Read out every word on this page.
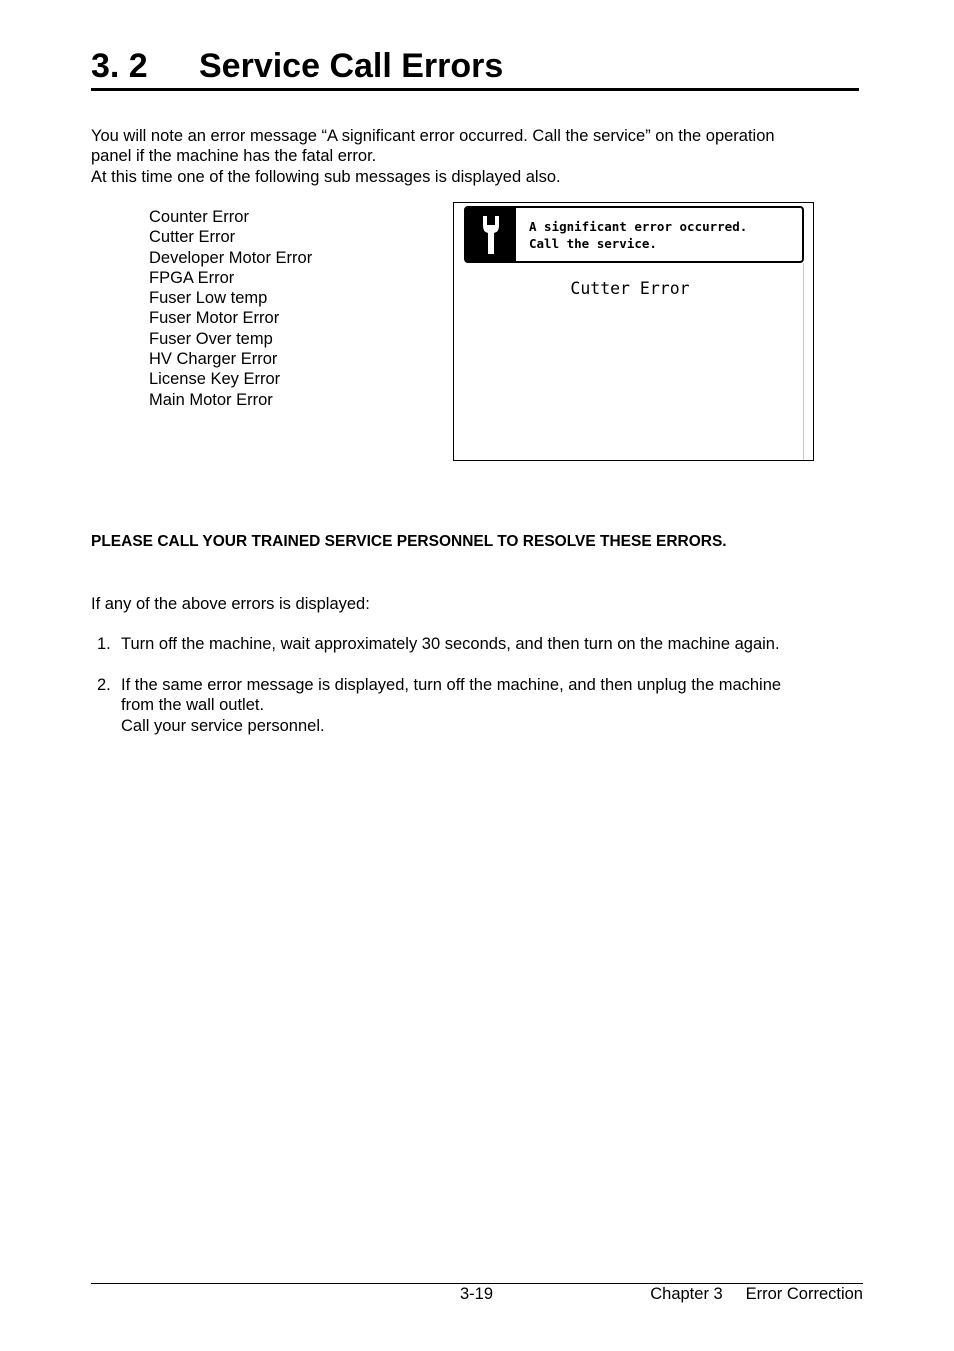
3. 2 Service Call Errors
You will note an error message “A significant error occurred. Call the service” on the operation
panel if the machine has the fatal error.
At this time one of the following sub messages is displayed also.
Counter Error
Cutter Error
Developer Motor Error
FPGA Error
Fuser Low temp
Fuser Motor Error
Fuser Over temp
HV Charger Error
License Key Error
Main Motor Error
A significant error occurred.
Call the service.
Cutter Error
PLEASE CALL YOUR TRAINED SERVICE PERSONNEL TO RESOLVE THESE ERRORS.
If any of the above errors is displayed:
1. Turn off the machine, wait approximately 30 seconds, and then turn on the machine again.
2. If the same error message is displayed, turn off the machine, and then unplug the machine
from the wall outlet.
Call your service personnel.
3-19	Chapter 3 Error Correction
